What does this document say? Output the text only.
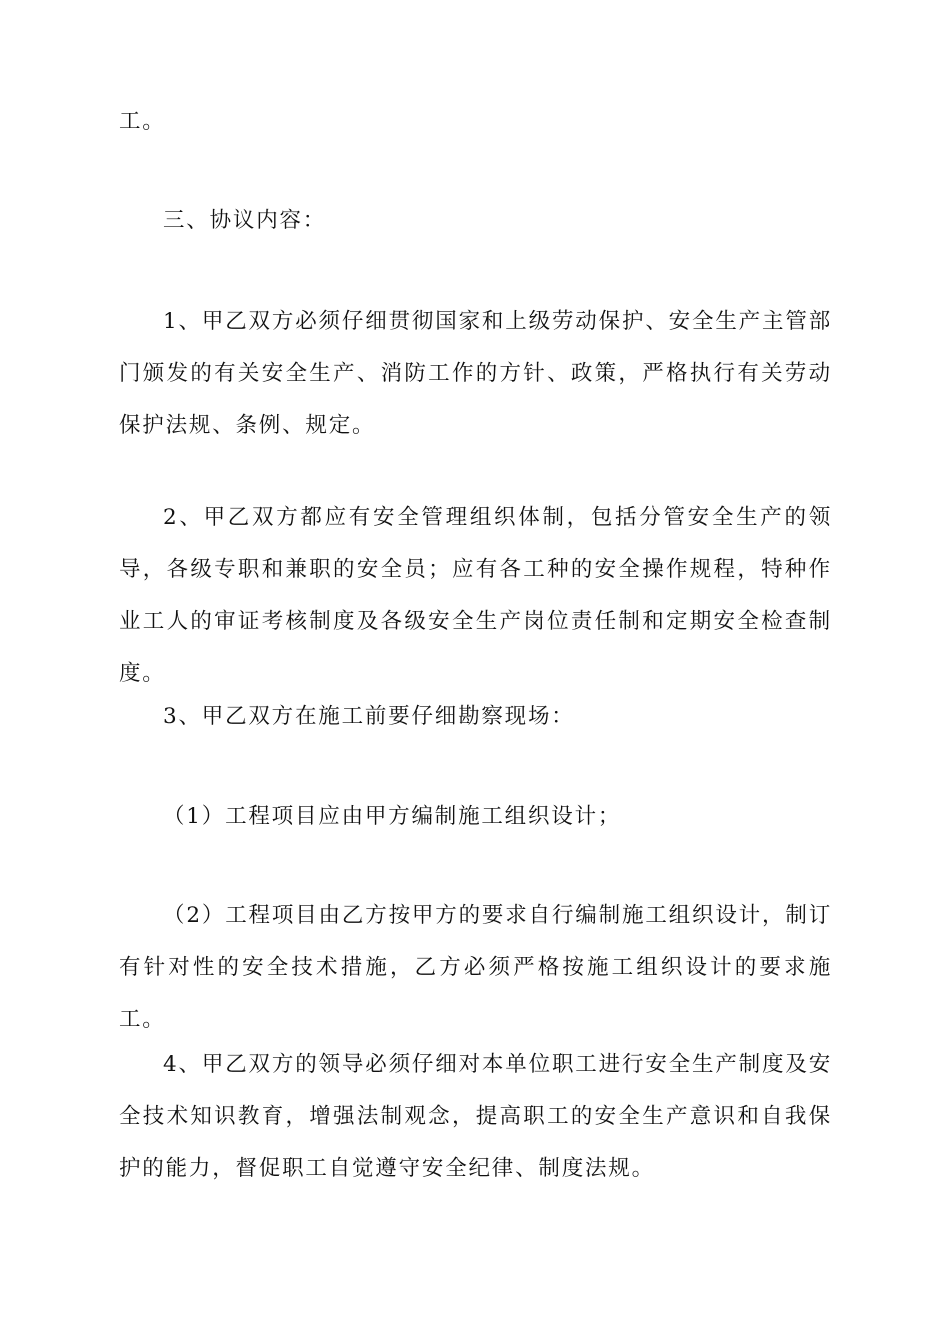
工。

三、协议内容：

1、甲乙双方必须仔细贯彻国家和上级劳动保护、安全生产主管部门颁发的有关安全生产、消防工作的方针、政策，严格执行有关劳动保护法规、条例、规定。

2、甲乙双方都应有安全管理组织体制，包括分管安全生产的领导，各级专职和兼职的安全员；应有各工种的安全操作规程，特种作业工人的审证考核制度及各级安全生产岗位责任制和定期安全检查制度。

3、甲乙双方在施工前要仔细勘察现场：

（1）工程项目应由甲方编制施工组织设计；

（2）工程项目由乙方按甲方的要求自行编制施工组织设计，制订有针对性的安全技术措施，乙方必须严格按施工组织设计的要求施工。

4、甲乙双方的领导必须仔细对本单位职工进行安全生产制度及安全技术知识教育，增强法制观念，提高职工的安全生产意识和自我保护的能力，督促职工自觉遵守安全纪律、制度法规。
